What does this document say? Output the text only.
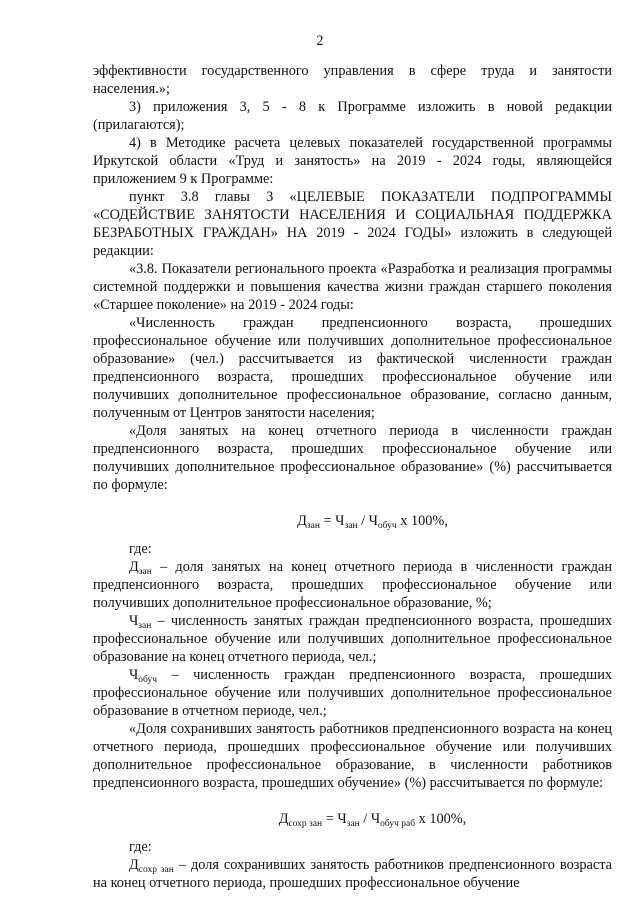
2

эффективности государственного управления в сфере труда и занятости населения.»;

3) приложения 3, 5 - 8 к Программе изложить в новой редакции (прилагаются);

4) в Методике расчета целевых показателей государственной программы Иркутской области «Труд и занятость» на 2019 - 2024 годы, являющейся приложением 9 к Программе:

пункт 3.8 главы 3 «ЦЕЛЕВЫЕ ПОКАЗАТЕЛИ ПОДПРОГРАММЫ «СОДЕЙСТВИЕ ЗАНЯТОСТИ НАСЕЛЕНИЯ И СОЦИАЛЬНАЯ ПОДДЕРЖКА БЕЗРАБОТНЫХ ГРАЖДАН» НА 2019 - 2024 ГОДЫ» изложить в следующей редакции:

«3.8. Показатели регионального проекта «Разработка и реализация программы системной поддержки и повышения качества жизни граждан старшего поколения «Старшее поколение» на 2019 - 2024 годы:

«Численность граждан предпенсионного возраста, прошедших профессиональное обучение или получивших дополнительное профессиональное образование» (чел.) рассчитывается из фактической численности граждан предпенсионного возраста, прошедших профессиональное обучение или получивших дополнительное профессиональное образование, согласно данным, полученным от Центров занятости населения;

«Доля занятых на конец отчетного периода в численности граждан предпенсионного возраста, прошедших профессиональное обучение или получивших дополнительное профессиональное образование» (%) рассчитывается по формуле:

$Д_{зан} = Ч_{зан} / Ч_{обуч}$ х 100%,

где:

$Д_{зан}$ – доля занятых на конец отчетного периода в численности граждан предпенсионного возраста, прошедших профессиональное обучение или получивших дополнительное профессиональное образование, %;

$Ч_{зан}$ – численность занятых граждан предпенсионного возраста, прошедших профессиональное обучение или получивших дополнительное профессиональное образование на конец отчетного периода, чел.;

$Ч_{обуч}$ – численность граждан предпенсионного возраста, прошедших профессиональное обучение или получивших дополнительное профессиональное образование в отчетном периоде, чел.;

«Доля сохранивших занятость работников предпенсионного возраста на конец отчетного периода, прошедших профессиональное обучение или получивших дополнительное профессиональное образование, в численности работников предпенсионного возраста, прошедших обучение» (%) рассчитывается по формуле:

$Д_{сохр зан} = Ч_{зан} / Ч_{обуч раб}$ х 100%,

где:

$Д_{сохр зан}$ – доля сохранивших занятость работников предпенсионного возраста на конец отчетного периода, прошедших профессиональное обучение
